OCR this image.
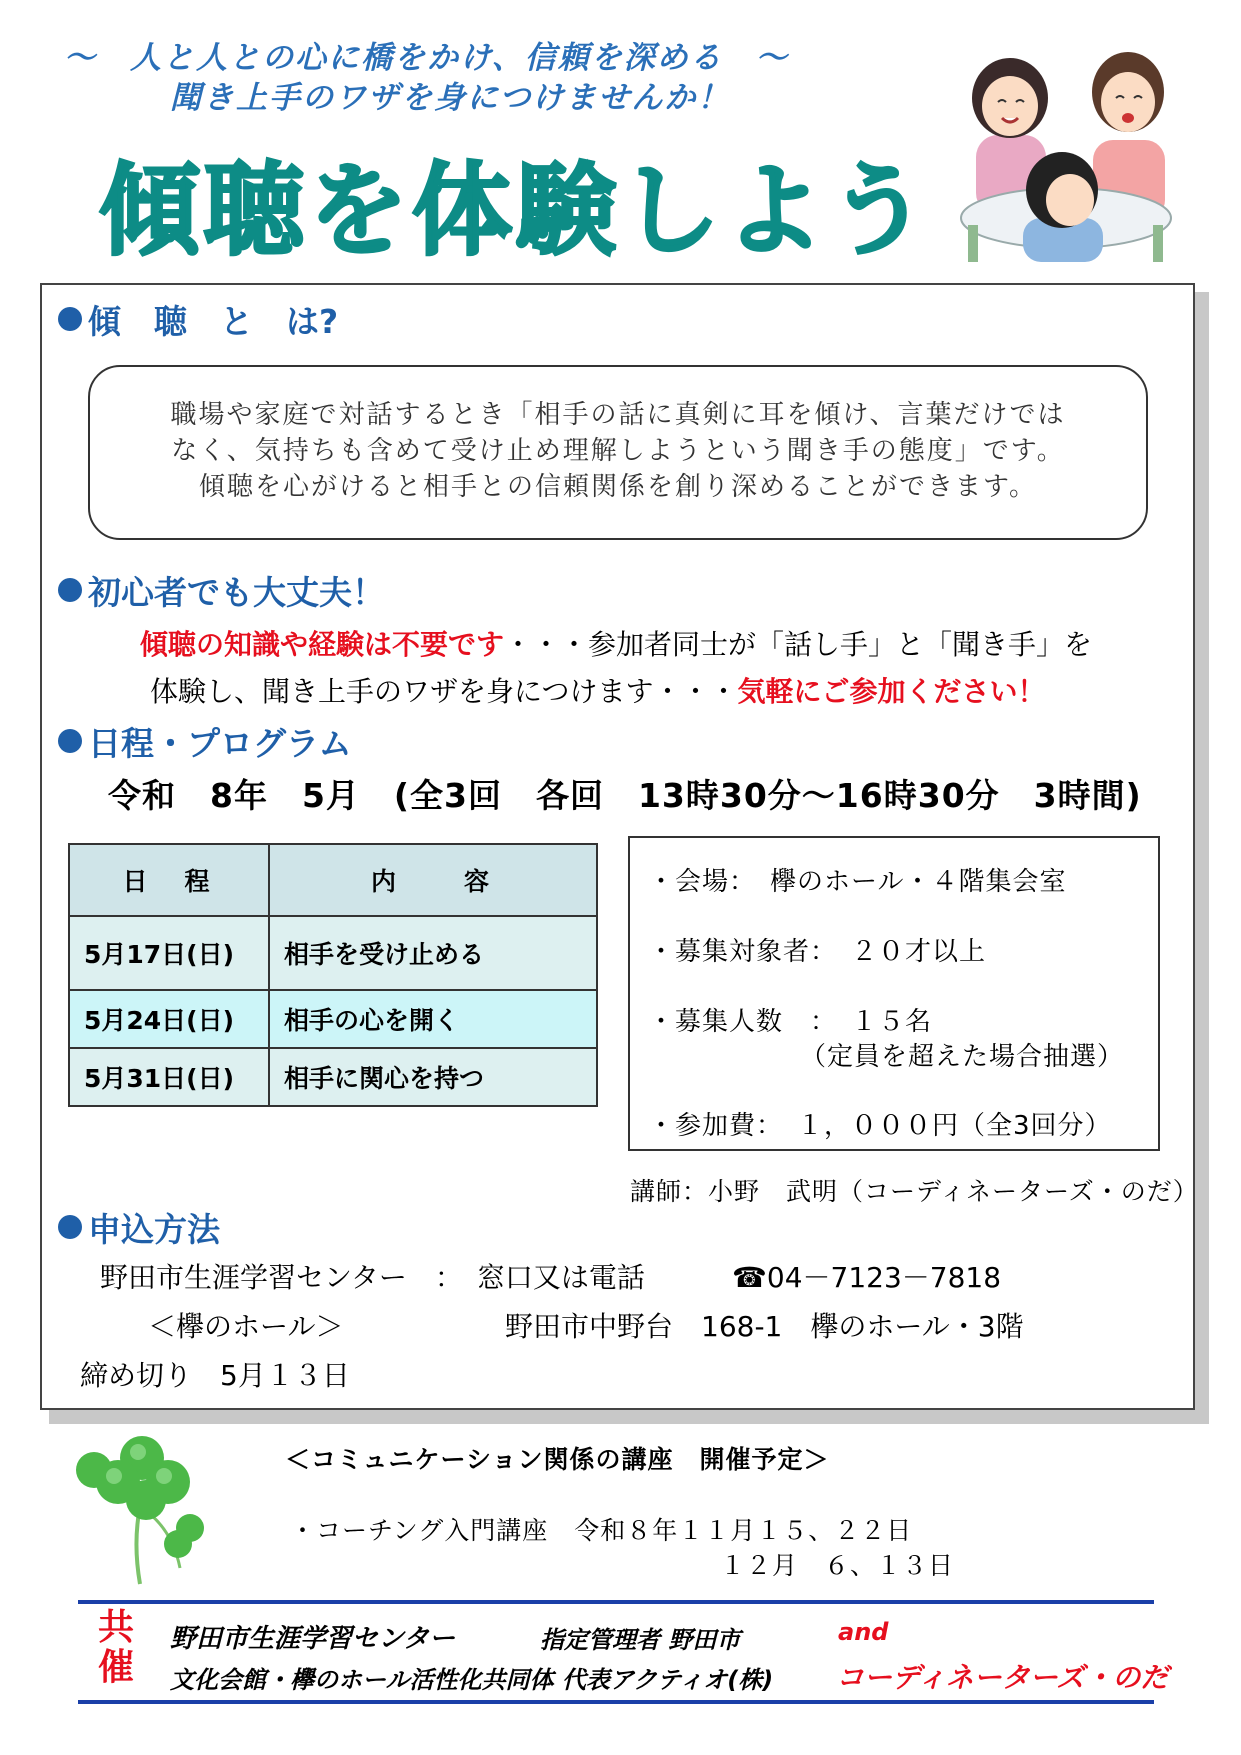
～　人と人との心に橋をかけ、信頼を深める　～
聞き上手のワザを身につけませんか！
傾聴を体験しよう
傾　聴　と　は?
職場や家庭で対話するとき「相手の話に真剣に耳を傾け、言葉だけでは
なく、気持ちも含めて受け止め理解しようという聞き手の態度」です。
傾聴を心がけると相手との信頼関係を創り深めることができます。
初心者でも大丈夫！
傾聴の知識や経験は不要です・・・参加者同士が「話し手」と「聞き手」を
体験し、聞き上手のワザを身につけます・・・気軽にご参加ください！
日程・プログラム
令和　8年　5月　(全3回　各回　13時30分～16時30分　3時間)
日　程	内　　容
5月17日(日)	相手を受け止める
5月24日(日)	相手の心を開く
5月31日(日)	相手に関心を持つ
・会場：　欅のホール・４階集会室
・募集対象者：　２０才以上
・募集人数　：　１５名
（定員を超えた場合抽選）
・参加費：　１，０００円（全3回分）
講師：小野　武明（コーディネーターズ・のだ）
申込方法
野田市生涯学習センター　：　窓口又は電話	☎04－7123－7818
＜欅のホール＞	野田市中野台　168-1　欅のホール・3階
締め切り　5月１３日
＜コミュニケーション関係の講座　開催予定＞
・コーチング入門講座　令和８年１１月１５、２２日
１２月　６、１３日
共
催
野田市生涯学習センター	指定管理者 野田市	and
文化会館・欅のホール活性化共同体 代表アクティオ(株) コーディネーターズ・のだ
